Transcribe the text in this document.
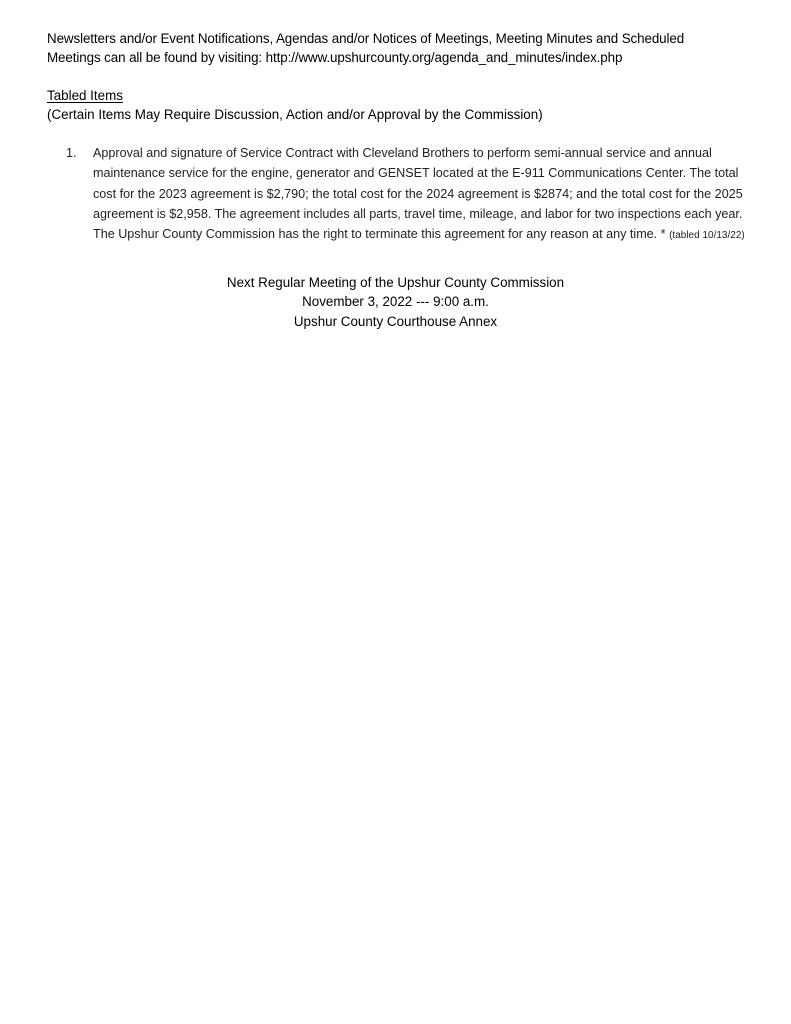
Newsletters and/or Event Notifications, Agendas and/or Notices of Meetings, Meeting Minutes and Scheduled
Meetings can all be found by visiting: http://www.upshurcounty.org/agenda_and_minutes/index.php
Tabled Items
(Certain Items May Require Discussion, Action and/or Approval by the Commission)
1. Approval and signature of Service Contract with Cleveland Brothers to perform semi-annual service and annual maintenance service for the engine, generator and GENSET located at the E-911 Communications Center. The total cost for the 2023 agreement is $2,790; the total cost for the 2024 agreement is $2874; and the total cost for the 2025 agreement is $2,958. The agreement includes all parts, travel time, mileage, and labor for two inspections each year. The Upshur County Commission has the right to terminate this agreement for any reason at any time. * (tabled 10/13/22)
Next Regular Meeting of the Upshur County Commission
November 3, 2022 --- 9:00 a.m.
Upshur County Courthouse Annex
